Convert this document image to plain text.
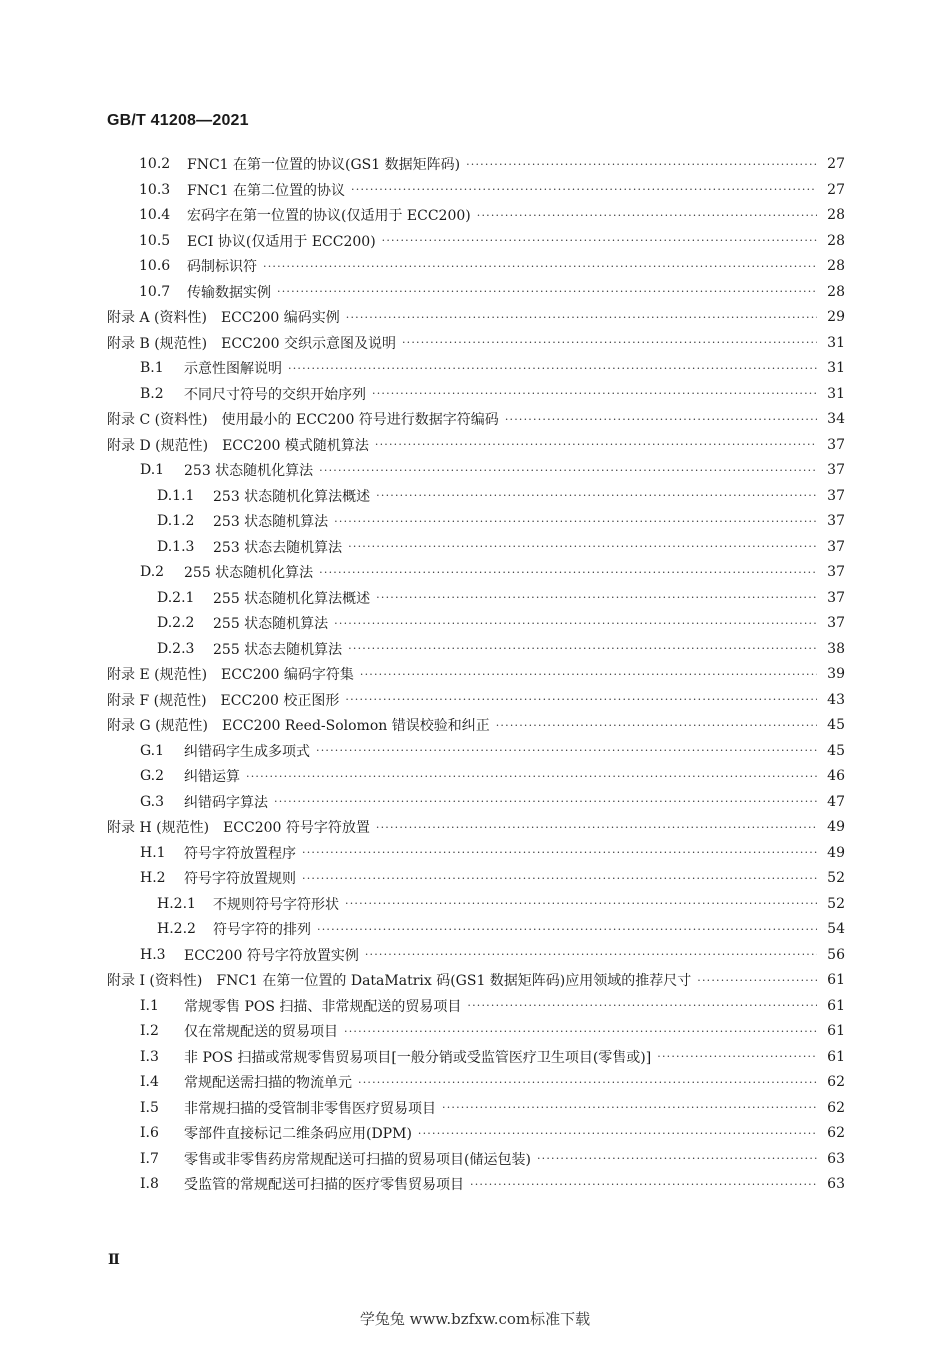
GB/T 41208—2021
10.2	FNC1 在第一位置的协议(GS1 数据矩阵码) ·····	27
10.3	FNC1 在第二位置的协议 ·····	27
10.4	宏码字在第一位置的协议(仅适用于 ECC200) ·····	28
10.5	ECI 协议(仅适用于 ECC200) ·····	28
10.6	码制标识符 ·····	28
10.7	传输数据实例 ·····	28
附录 A (资料性) ECC200 编码实例 ·····	29
附录 B (规范性) ECC200 交织示意图及说明 ·····	31
B.1	示意性图解说明 ·····	31
B.2	不同尺寸符号的交织开始序列 ·····	31
附录 C (资料性) 使用最小的 ECC200 符号进行数据字符编码 ·····	34
附录 D (规范性) ECC200 模式随机算法 ·····	37
D.1	253 状态随机化算法 ·····	37
D.1.1	253 状态随机化算法概述 ·····	37
D.1.2	253 状态随机算法 ·····	37
D.1.3	253 状态去随机算法 ·····	37
D.2	255 状态随机化算法 ·····	37
D.2.1	255 状态随机化算法概述 ·····	37
D.2.2	255 状态随机算法 ·····	37
D.2.3	255 状态去随机算法 ·····	38
附录 E (规范性) ECC200 编码字符集 ·····	39
附录 F (规范性) ECC200 校正图形 ·····	43
附录 G (规范性) ECC200 Reed-Solomon 错误校验和纠正 ·····	45
G.1	纠错码字生成多项式 ·····	45
G.2	纠错运算 ·····	46
G.3	纠错码字算法 ·····	47
附录 H (规范性) ECC200 符号字符放置 ·····	49
H.1	符号字符放置程序 ·····	49
H.2	符号字符放置规则 ·····	52
H.2.1	不规则符号字符形状 ·····	52
H.2.2	符号字符的排列 ·····	54
H.3	ECC200 符号字符放置实例 ·····	56
附录 I (资料性) FNC1 在第一位置的 DataMatrix 码(GS1 数据矩阵码)应用领域的推荐尺寸 ·····	61
I.1	常规零售 POS 扫描、非常规配送的贸易项目 ·····	61
I.2	仅在常规配送的贸易项目 ·····	61
I.3	非 POS 扫描或常规零售贸易项目[一般分销或受监管医疗卫生项目(零售或)] ·····	61
I.4	常规配送需扫描的物流单元 ·····	62
I.5	非常规扫描的受管制非零售医疗贸易项目 ·····	62
I.6	零部件直接标记二维条码应用(DPM) ·····	62
I.7	零售或非零售药房常规配送可扫描的贸易项目(储运包装) ·····	63
I.8	受监管的常规配送可扫描的医疗零售贸易项目 ·····	63
Ⅱ
学兔兔 www.bzfxw.com标准下载
